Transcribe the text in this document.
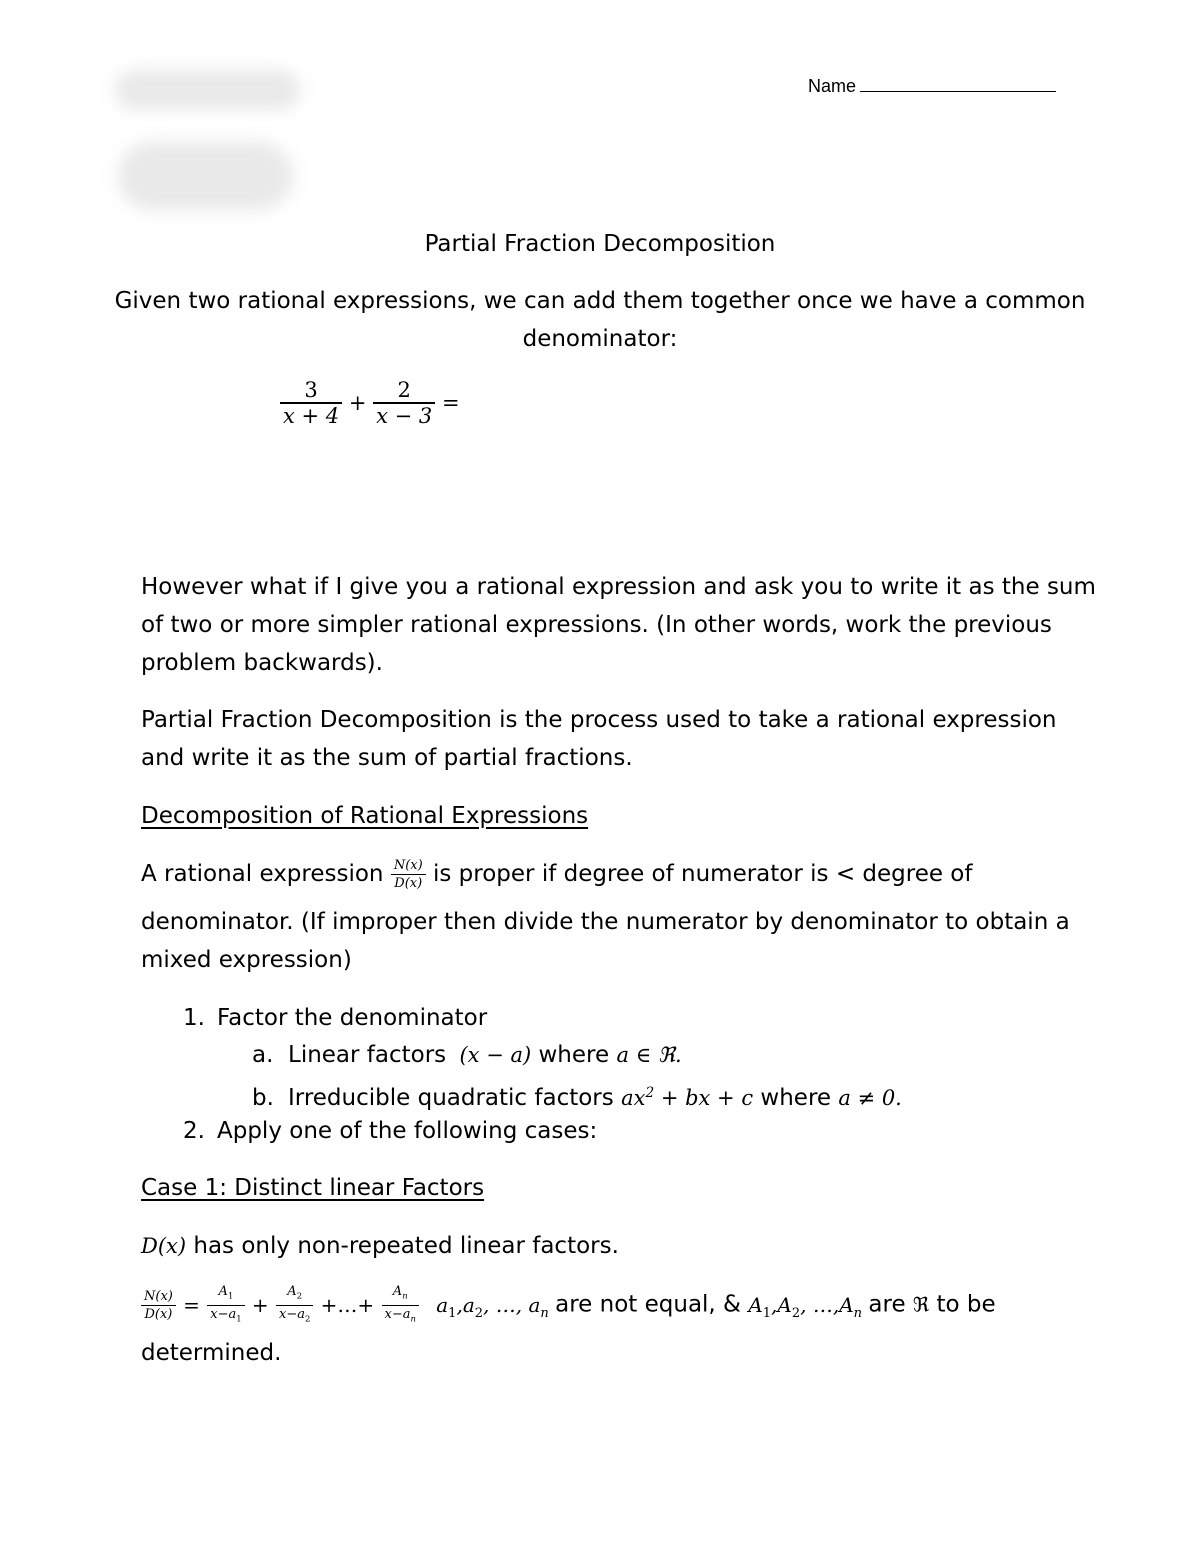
Name
Partial Fraction Decomposition
Given two rational expressions, we can add them together once we have a common
denominator:
$\frac{3}{x + 4} + \frac{2}{x - 3}$ =
However what if I give you a rational expression and ask you to write it as the sum
of two or more simpler rational expressions. (In other words, work the previous
problem backwards).
Partial Fraction Decomposition is the process used to take a rational expression
and write it as the sum of partial fractions.
Decomposition of Rational Expressions
A rational expression $\frac{N(x)}{D(x)}$ is proper if degree of numerator is < degree of
denominator. (If improper then divide the numerator by denominator to obtain a
mixed expression)
1. Factor the denominator
a. Linear factors (x − a) where a ∈ ℜ.
b. Irreducible quadratic factors $ax^2$ + bx + c where a ≠ 0.
2. Apply one of the following cases:
Case 1: Distinct linear Factors
D(x) has only non-repeated linear factors.
$\frac{N(x)}{D(x)} = \frac{A_1}{x-a_1} + \frac{A_2}{x-a_2}$ +…+ $\frac{A_n}{x-a_n} a_1,a_2$, …, $a_n$ are not equal, & $A_1,A_2$, $\dots,A_n$ are ℜ to be
determined.
